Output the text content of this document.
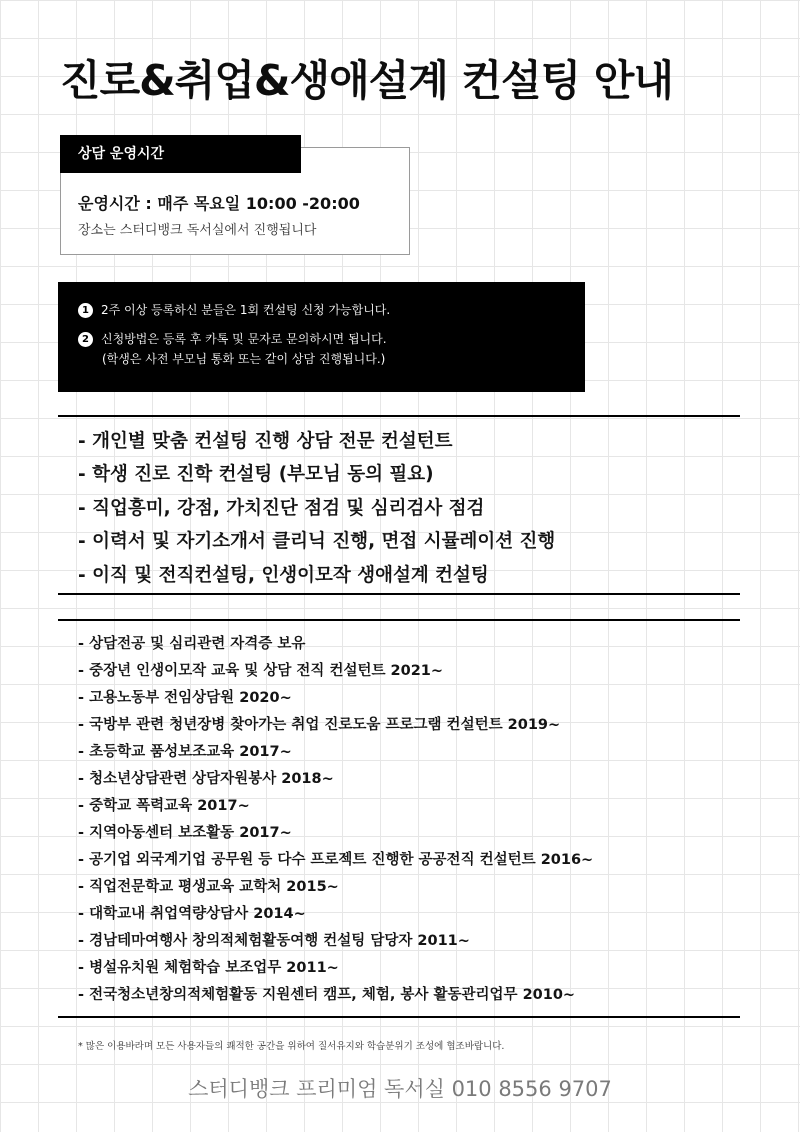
진로&취업&생애설계 컨설팅 안내
상담 운영시간
운영시간 : 매주 목요일 10:00 -20:00
장소는 스터디뱅크 독서실에서 진행됩니다
1 2주 이상 등록하신 분들은 1회 컨설팅 신청 가능합니다.
2 신청방법은 등록 후 카톡 및 문자로 문의하시면 됩니다.
(학생은 사전 부모님 통화 또는 같이 상담 진행됩니다.)
- 개인별 맞춤 컨설팅 진행 상담 전문 컨설턴트
- 학생 진로 진학 컨설팅 (부모님 동의 필요)
- 직업흥미, 강점, 가치진단 점검 및 심리검사 점검
- 이력서 및 자기소개서 클리닉 진행, 면접 시뮬레이션 진행
- 이직 및 전직컨설팅, 인생이모작 생애설계 컨설팅
- 상담전공 및 심리관련 자격증 보유
- 중장년 인생이모작 교육 및 상담 전직 컨설턴트 2021~
- 고용노동부 전임상담원 2020~
- 국방부 관련 청년장병 찾아가는 취업 진로도움 프로그램 컨설턴트 2019~
- 초등학교 품성보조교육 2017~
- 청소년상담관련 상담자원봉사 2018~
- 중학교 폭력교육 2017~
- 지역아동센터 보조활동 2017~
- 공기업 외국계기업 공무원 등 다수 프로젝트 진행한 공공전직 컨설턴트 2016~
- 직업전문학교 평생교육 교학처 2015~
- 대학교내 취업역량상담사 2014~
- 경남테마여행사 창의적체험활동여행 컨설팅 담당자 2011~
- 병설유치원 체험학습 보조업무 2011~
- 전국청소년창의적체험활동 지원센터 캠프, 체험, 봉사 활동관리업무 2010~
* 많은 이용바라며 모든 사용자들의 쾌적한 공간을 위하여 질서유지와 학습분위기 조성에 협조바랍니다.
스터디뱅크 프리미엄 독서실 010 8556 9707
